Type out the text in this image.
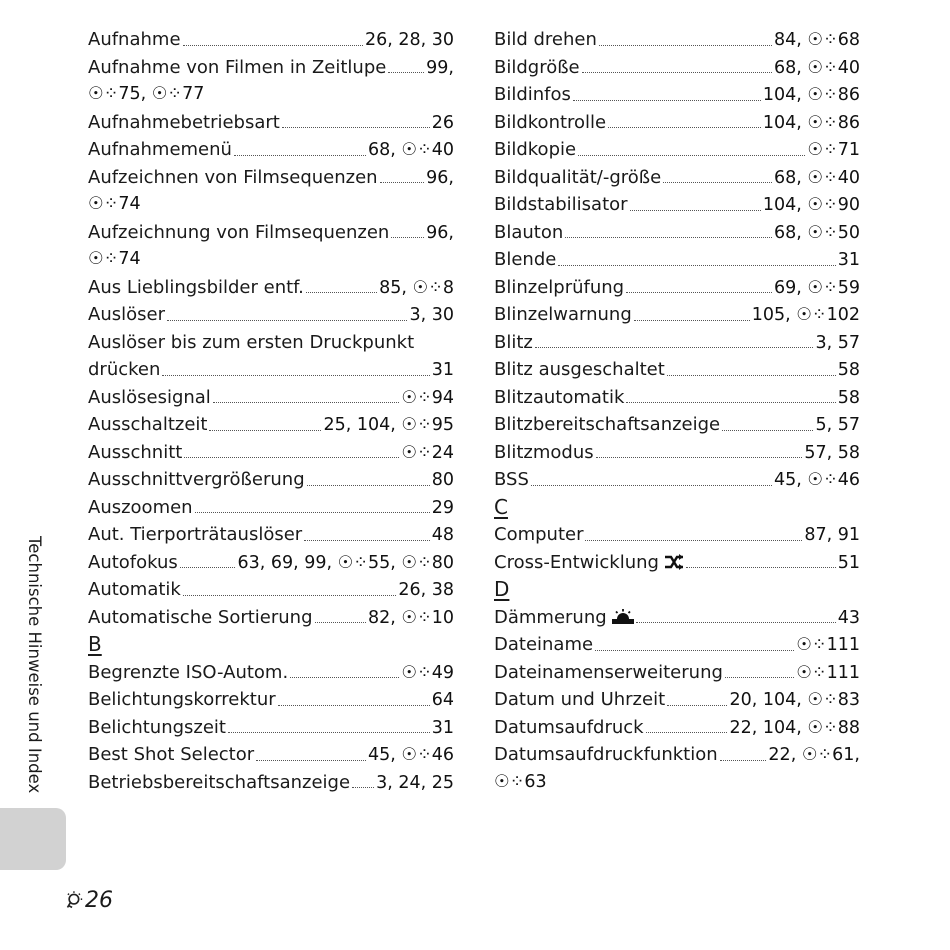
Technische Hinweise und Index
Aufnahme	26, 28, 30
Aufnahme von Filmen in Zeitlupe 99,
☉⁘75, ☉⁘77
Aufnahmebetriebsart	26
Aufnahmemenü	68, ☉⁘40
Aufzeichnen von Filmsequenzen	96,
☉⁘74
Aufzeichnung von Filmsequenzen 96,
☉⁘74
Aus Lieblingsbilder entf.	85, ☉⁘8
Auslöser	3, 30
Auslöser bis zum ersten Druckpunkt
drücken	31
Auslösesignal	☉⁘94
Ausschaltzeit	25, 104, ☉⁘95
Ausschnitt	☉⁘24
Ausschnittvergrößerung	80
Auszoomen	29
Aut. Tierporträtauslöser	48
Autofokus	63, 69, 99, ☉⁘55, ☉⁘80
Automatik	26, 38
Automatische Sortierung	82, ☉⁘10
B
Begrenzte ISO-Autom.	☉⁘49
Belichtungskorrektur	64
Belichtungszeit	31
Best Shot Selector	45, ☉⁘46
Betriebsbereitschaftsanzeige 3, 24, 25
Bild drehen	84, ☉⁘68
Bildgröße	68, ☉⁘40
Bildinfos	104, ☉⁘86
Bildkontrolle	104, ☉⁘86
Bildkopie	☉⁘71
Bildqualität/-größe	68, ☉⁘40
Bildstabilisator	104, ☉⁘90
Blauton	68, ☉⁘50
Blende	31
Blinzelprüfung	69, ☉⁘59
Blinzelwarnung	105, ☉⁘102
Blitz	3, 57
Blitz ausgeschaltet	58
Blitzautomatik	58
Blitzbereitschaftsanzeige	5, 57
Blitzmodus	57, 58
BSS	45, ☉⁘46
C
Computer	87, 91
Cross-Entwicklung	51
D
Dämmerung	43
Dateiname	☉⁘111
Dateinamenserweiterung	☉⁘111
Datum und Uhrzeit	20, 104, ☉⁘83
Datumsaufdruck	22, 104, ☉⁘88
Datumsaufdruckfunktion	22, ☉⁘61,
☉⁘63
26
